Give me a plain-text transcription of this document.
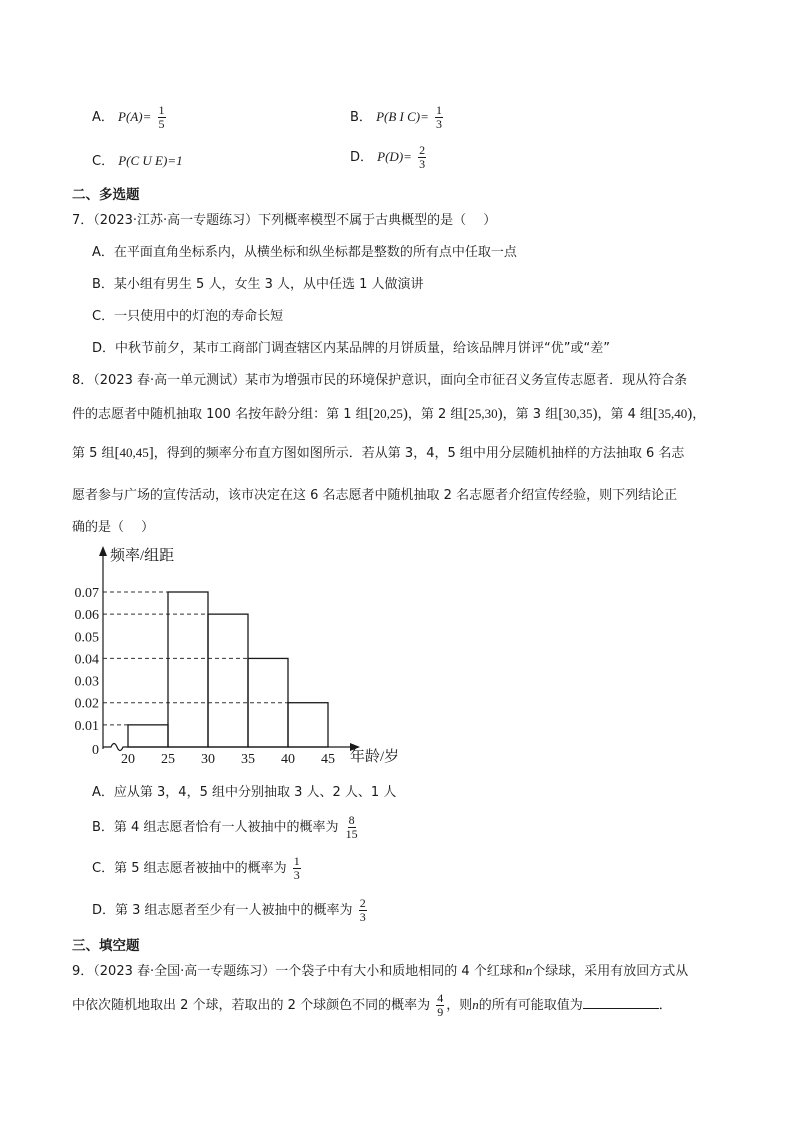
A． $P(A)= \frac{1}{5}$	B． P(B I $C)= \frac{1}{3}$
C． P(C U E)=1	D． $P(D)= \frac{2}{3}$
二、多选题
7．（2023·江苏·高一专题练习）下列概率模型不属于古典概型的是（　 ）
A．在平面直角坐标系内，从横坐标和纵坐标都是整数的所有点中任取一点
B．某小组有男生 5 人，女生 3 人，从中任选 1 人做演讲
C．一只使用中的灯泡的寿命长短
D．中秋节前夕，某市工商部门调查辖区内某品牌的月饼质量，给该品牌月饼评“优”或“差”
8．（2023 春·高一单元测试）某市为增强市民的环境保护意识，面向全市征召义务宣传志愿者．现从符合条
件的志愿者中随机抽取 100 名按年龄分组：第 1 组[20,25)，第 2 组[25,30)，第 3 组[30,35)，第 4 组[35,40)，
第 5 组[40,45]，得到的频率分布直方图如图所示．若从第 3，4，5 组中用分层随机抽样的方法抽取 6 名志
愿者参与广场的宣传活动，该市决定在这 6 名志愿者中随机抽取 2 名志愿者介绍宣传经验，则下列结论正
确的是（　 ）
频率/组距
年龄/岁
0
0.01
0.02
0.03
0.04
0.05
0.06
0.07
20 25 30 35 40 45
A．应从第 3，4，5 组中分别抽取 3 人、2 人、1 人
B．第 4 组志愿者恰有一人被抽中的概率为 $\frac{8}{15}$
C．第 5 组志愿者被抽中的概率为 $\frac{1}{3}$
D．第 3 组志愿者至少有一人被抽中的概率为 $\frac{2}{3}$
三、填空题
9．（2023 春·全国·高一专题练习）一个袋子中有大小和质地相同的 4 个红球和n个绿球，采用有放回方式从
中依次随机地取出 2 个球，若取出的 2 个球颜色不同的概率为 $\frac{4}{9}$ ，则n的所有可能取值为	．
